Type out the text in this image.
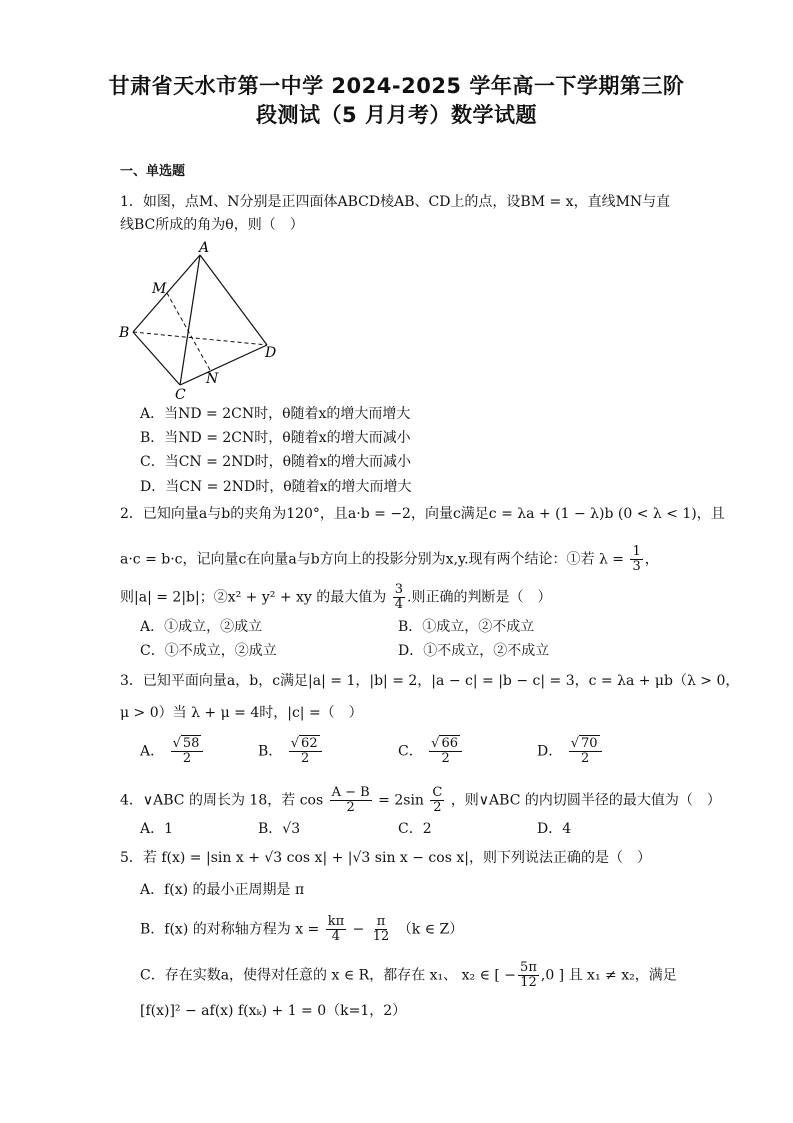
甘肃省天水市第一中学 2024-2025 学年高一下学期第三阶
段测试（5 月月考）数学试题
一、单选题
1．如图，点M、N分别是正四面体ABCD棱AB、CD上的点，设BM = x，直线MN与直
线BC所成的角为θ，则（　）
A
B
C
D
M
N
A．当ND = 2CN时，θ随着x的增大而增大
B．当ND = 2CN时，θ随着x的增大而减小
C．当CN = 2ND时，θ随着x的增大而减小
D．当CN = 2ND时，θ随着x的增大而增大
2．已知向量a与b的夹角为120°，且a·b = −2，向量c满足c = λa + (1 − λ)b (0 < λ < 1)，且
a·c = b·c，记向量c在向量a与b方向上的投影分别为x,y.现有两个结论：①若 $\lambda = \frac{1}{3}$ ，
则|a| = 2|b|；②x² + y² + xy 的最大值为 $\frac{3}{4}$ .则正确的判断是（　）
A．①成立，②成立	B．①成立，②不成立
C．①不成立，②成立	D．①不成立，②不成立
3．已知平面向量a，b，c满足|a| = 1，|b| = 2，|a − c| = |b − c| = 3，c = λa + μb（λ > 0，
μ > 0）当 λ + μ = 4时，|c| =（　）
A． $\frac{√ 58}{2}$	B． $\frac{√ 62}{2}$	C． $\frac{√ 66}{2}$	D． $\frac{√ 70}{2}$
4．∨ABC 的周长为 18，若 $\cos \frac{A - B}{2} = 2\sin \frac{C}{2}$ ，则∨ABC 的内切圆半径的最大值为（　）
A．1	B．√3	C．2	D．4
5．若 f(x) = |sin x + √3 cos x| + |√3 sin x − cos x|，则下列说法正确的是（　）
A．f(x) 的最小正周期是 π
B．f(x) 的对称轴方程为 $x = \frac{k\pi}{4} - \frac{\pi}{12} (k$ ∈ Z）
C．存在实数a，使得对任意的 x ∈ R，都存在 x₁、 x₂ ∈ [ − $\frac{5\pi}{12} ,0$ ] 且 x₁ ≠ x₂，满足
[f(x)]² − af(x) f(xₖ) + 1 = 0（k=1，2）
